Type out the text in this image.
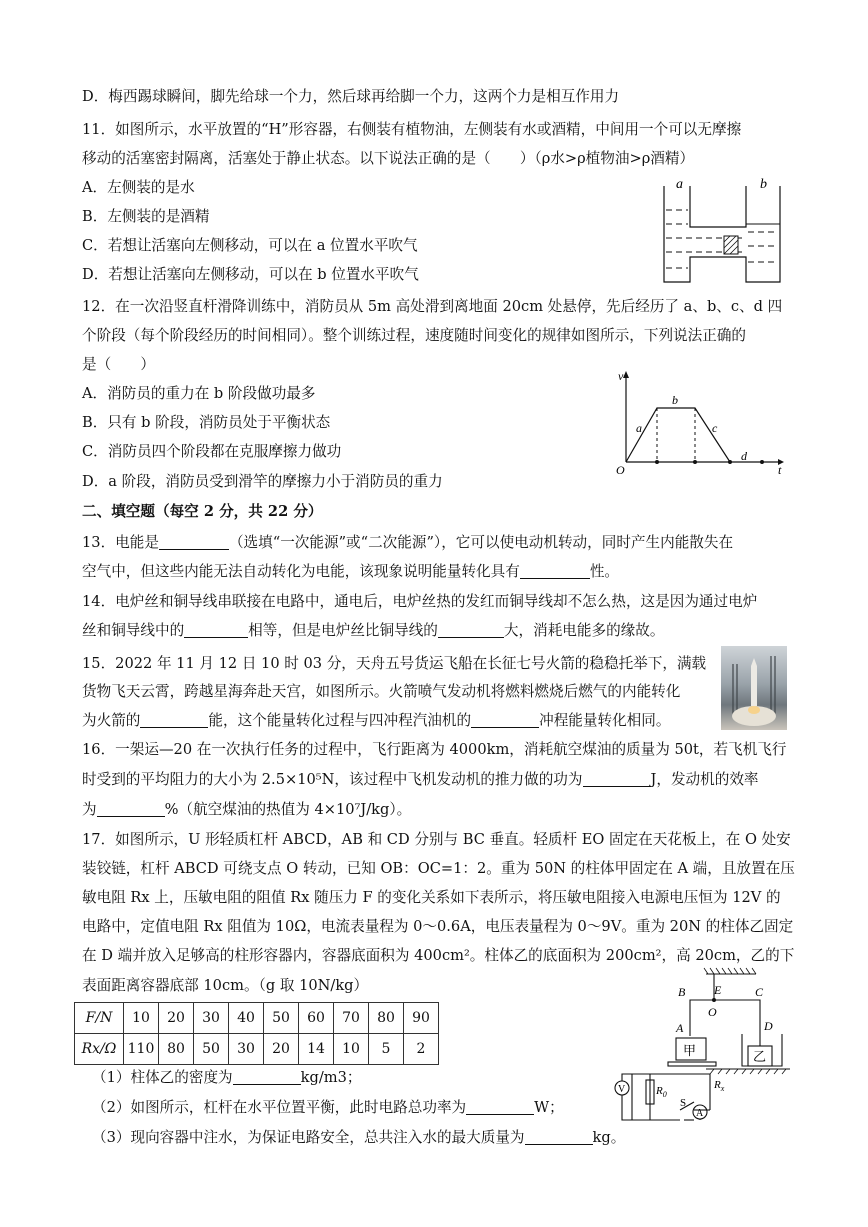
D．梅西踢球瞬间，脚先给球一个力，然后球再给脚一个力，这两个力是相互作用力
11．如图所示，水平放置的“H”形容器，右侧装有植物油，左侧装有水或酒精，中间用一个可以无摩擦
移动的活塞密封隔离，活塞处于静止状态。以下说法正确的是（　　）（ρ水>ρ植物油>ρ酒精）
A．左侧装的是水
B．左侧装的是酒精
C．若想让活塞向左侧移动，可以在 a 位置水平吹气
D．若想让活塞向左侧移动，可以在 b 位置水平吹气
a	b
12．在一次沿竖直杆滑降训练中，消防员从 5m 高处滑到离地面 20cm 处悬停，先后经历了 a、b、c、d 四
个阶段（每个阶段经历的时间相同）。整个训练过程，速度随时间变化的规律如图所示，下列说法正确的
是（　　）
A．消防员的重力在 b 阶段做功最多
B．只有 b 阶段，消防员处于平衡状态
C．消防员四个阶段都在克服摩擦力做功
D．a 阶段，消防员受到滑竿的摩擦力小于消防员的重力
v
t
O
a
b
c
d
二、填空题（每空 2 分，共 22 分）
13．电能是	（选填“一次能源”或“二次能源”），它可以使电动机转动，同时产生内能散失在
空气中，但这些内能无法自动转化为电能，该现象说明能量转化具有	性。
14．电炉丝和铜导线串联接在电路中，通电后，电炉丝热的发红而铜导线却不怎么热，这是因为通过电炉
丝和铜导线中的	相等，但是电炉丝比铜导线的	大，消耗电能多的缘故。
15．2022 年 11 月 12 日 10 时 03 分，天舟五号货运飞船在长征七号火箭的稳稳托举下，满载
货物飞天云霄，跨越星海奔赴天宫，如图所示。火箭喷气发动机将燃料燃烧后燃气的内能转化
为火箭的	能，这个能量转化过程与四冲程汽油机的	冲程能量转化相同。
16．一架运—20 在一次执行任务的过程中，飞行距离为 4000km，消耗航空煤油的质量为 50t，若飞机飞行
时受到的平均阻力的大小为 2.5×10⁵N，该过程中飞机发动机的推力做的功为	J，发动机的效率
为	%（航空煤油的热值为 4×10⁷J/kg）。
17．如图所示，U 形轻质杠杆 ABCD，AB 和 CD 分别与 BC 垂直。轻质杆 EO 固定在天花板上，在 O 处安
装铰链，杠杆 ABCD 可绕支点 O 转动，已知 OB：OC=1：2。重为 50N 的柱体甲固定在 A 端，且放置在压
敏电阻 Rx 上，压敏电阻的阻值 Rx 随压力 F 的变化关系如下表所示，将压敏电阻接入电源电压恒为 12V 的
电路中，定值电阻 Rx 阻值为 10Ω，电流表量程为 0～0.6A，电压表量程为 0～9V。重为 20N 的柱体乙固定
在 D 端并放入足够高的柱形容器内，容器底面积为 400cm²。柱体乙的底面积为 200cm²，高 20cm，乙的下
表面距离容器底部 10cm。（g 取 10N/kg）
F/N	10	20	30	40	50	60	70	80	90
Rx/Ω	110	80	50	30	20	14	10	5	2
（1）柱体乙的密度为	kg/m3；
（2）如图所示，杠杆在水平位置平衡，此时电路总功率为	W；
（3）现向容器中注水，为保证电路安全，总共注入水的最大质量为	kg。
B E	C
O
A	D
甲	乙
V
A
$R_0$
$R_x$
S
